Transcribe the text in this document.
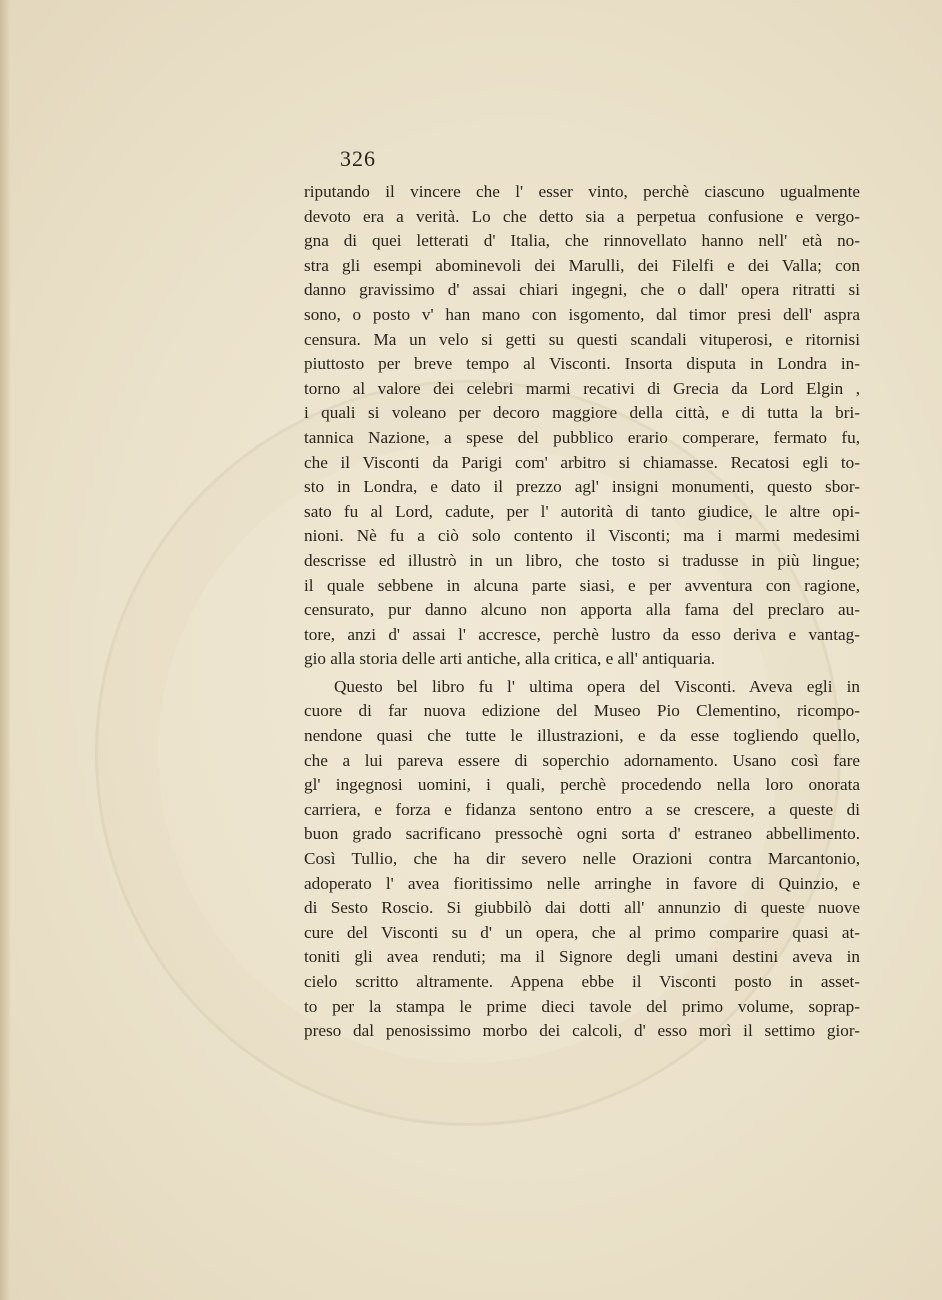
326
riputando il vincere che l' esser vinto, perchè ciascuno ugualmente
devoto era a verità. Lo che detto sia a perpetua confusione e vergo-
gna di quei letterati d' Italia, che rinnovellato hanno nell' età no-
stra gli esempi abominevoli dei Marulli, dei Filelfi e dei Valla; con
danno gravissimo d' assai chiari ingegni, che o dall' opera ritratti si
sono, o posto v' han mano con isgomento, dal timor presi dell' aspra
censura. Ma un velo si getti su questi scandali vituperosi, e ritornisi
piuttosto per breve tempo al Visconti. Insorta disputa in Londra in-
torno al valore dei celebri marmi recativi di Grecia da Lord Elgin ,
i quali si voleano per decoro maggiore della città, e di tutta la bri-
tannica Nazione, a spese del pubblico erario comperare, fermato fu,
che il Visconti da Parigi com' arbitro si chiamasse. Recatosi egli to-
sto in Londra, e dato il prezzo agl' insigni monumenti, questo sbor-
sato fu al Lord, cadute, per l' autorità di tanto giudice, le altre opi-
nioni. Nè fu a ciò solo contento il Visconti; ma i marmi medesimi
descrisse ed illustrò in un libro, che tosto si tradusse in più lingue;
il quale sebbene in alcuna parte siasi, e per avventura con ragione,
censurato, pur danno alcuno non apporta alla fama del preclaro au-
tore, anzi d' assai l' accresce, perchè lustro da esso deriva e vantag-
gio alla storia delle arti antiche, alla critica, e all' antiquaria.
Questo bel libro fu l' ultima opera del Visconti. Aveva egli in
cuore di far nuova edizione del Museo Pio Clementino, ricompo-
nendone quasi che tutte le illustrazioni, e da esse togliendo quello,
che a lui pareva essere di soperchio adornamento. Usano così fare
gl' ingegnosi uomini, i quali, perchè procedendo nella loro onorata
carriera, e forza e fidanza sentono entro a se crescere, a queste di
buon grado sacrificano pressochè ogni sorta d' estraneo abbellimento.
Così Tullio, che ha dir severo nelle Orazioni contra Marcantonio,
adoperato l' avea fioritissimo nelle arringhe in favore di Quinzio, e
di Sesto Roscio. Si giubbilò dai dotti all' annunzio di queste nuove
cure del Visconti su d' un opera, che al primo comparire quasi at-
toniti gli avea renduti; ma il Signore degli umani destini aveva in
cielo scritto altramente. Appena ebbe il Visconti posto in asset-
to per la stampa le prime dieci tavole del primo volume, soprap-
preso dal penosissimo morbo dei calcoli, d' esso morì il settimo gior-
